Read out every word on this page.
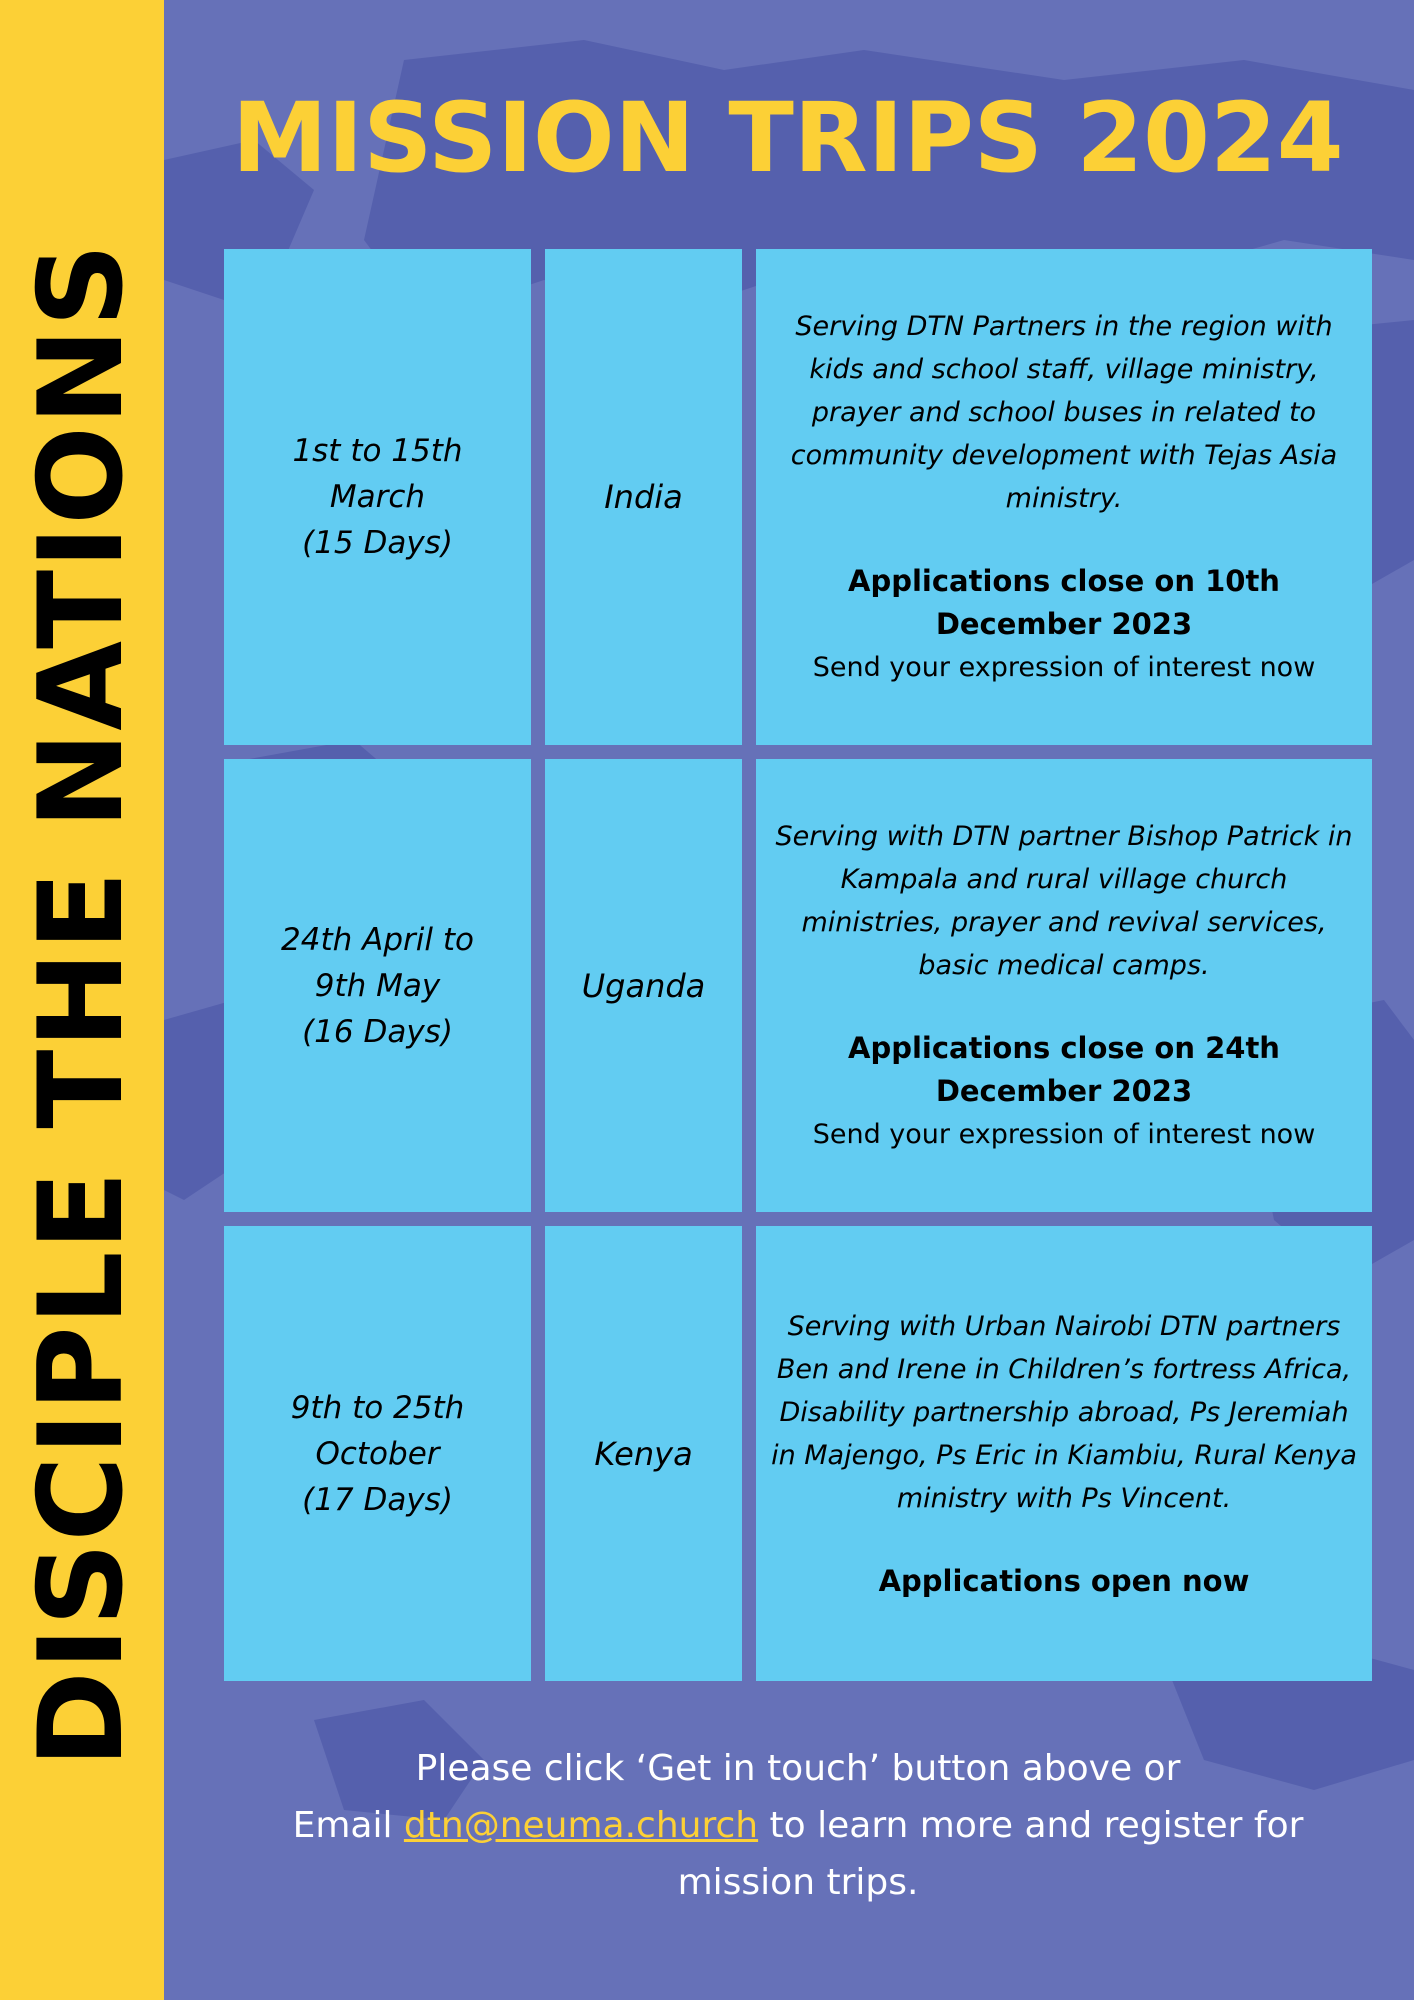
DISCIPLE THE NATIONS
MISSION TRIPS 2024
1st to 15th
March
(15 Days)
India

Serving DTN Partners in the region with kids and school staff, village ministry, prayer and school buses in related to community development with Tejas Asia ministry.

Applications close on 10th December 2023

Send your expression of interest now

24th April to
9th May
(16 Days)
Uganda

Serving with DTN partner Bishop Patrick in Kampala and rural village church ministries, prayer and revival services, basic medical camps.

Applications close on 24th December 2023

Send your expression of interest now

9th to 25th
October
(17 Days)
Kenya

Serving with Urban Nairobi DTN partners Ben and Irene in Children’s fortress Africa, Disability partnership abroad, Ps Jeremiah in Majengo, Ps Eric in Kiambiu, Rural Kenya ministry with Ps Vincent.

Applications open now

Please click ‘Get in touch’ button above or
Email dtn@neuma.church to learn more and register for mission trips.
